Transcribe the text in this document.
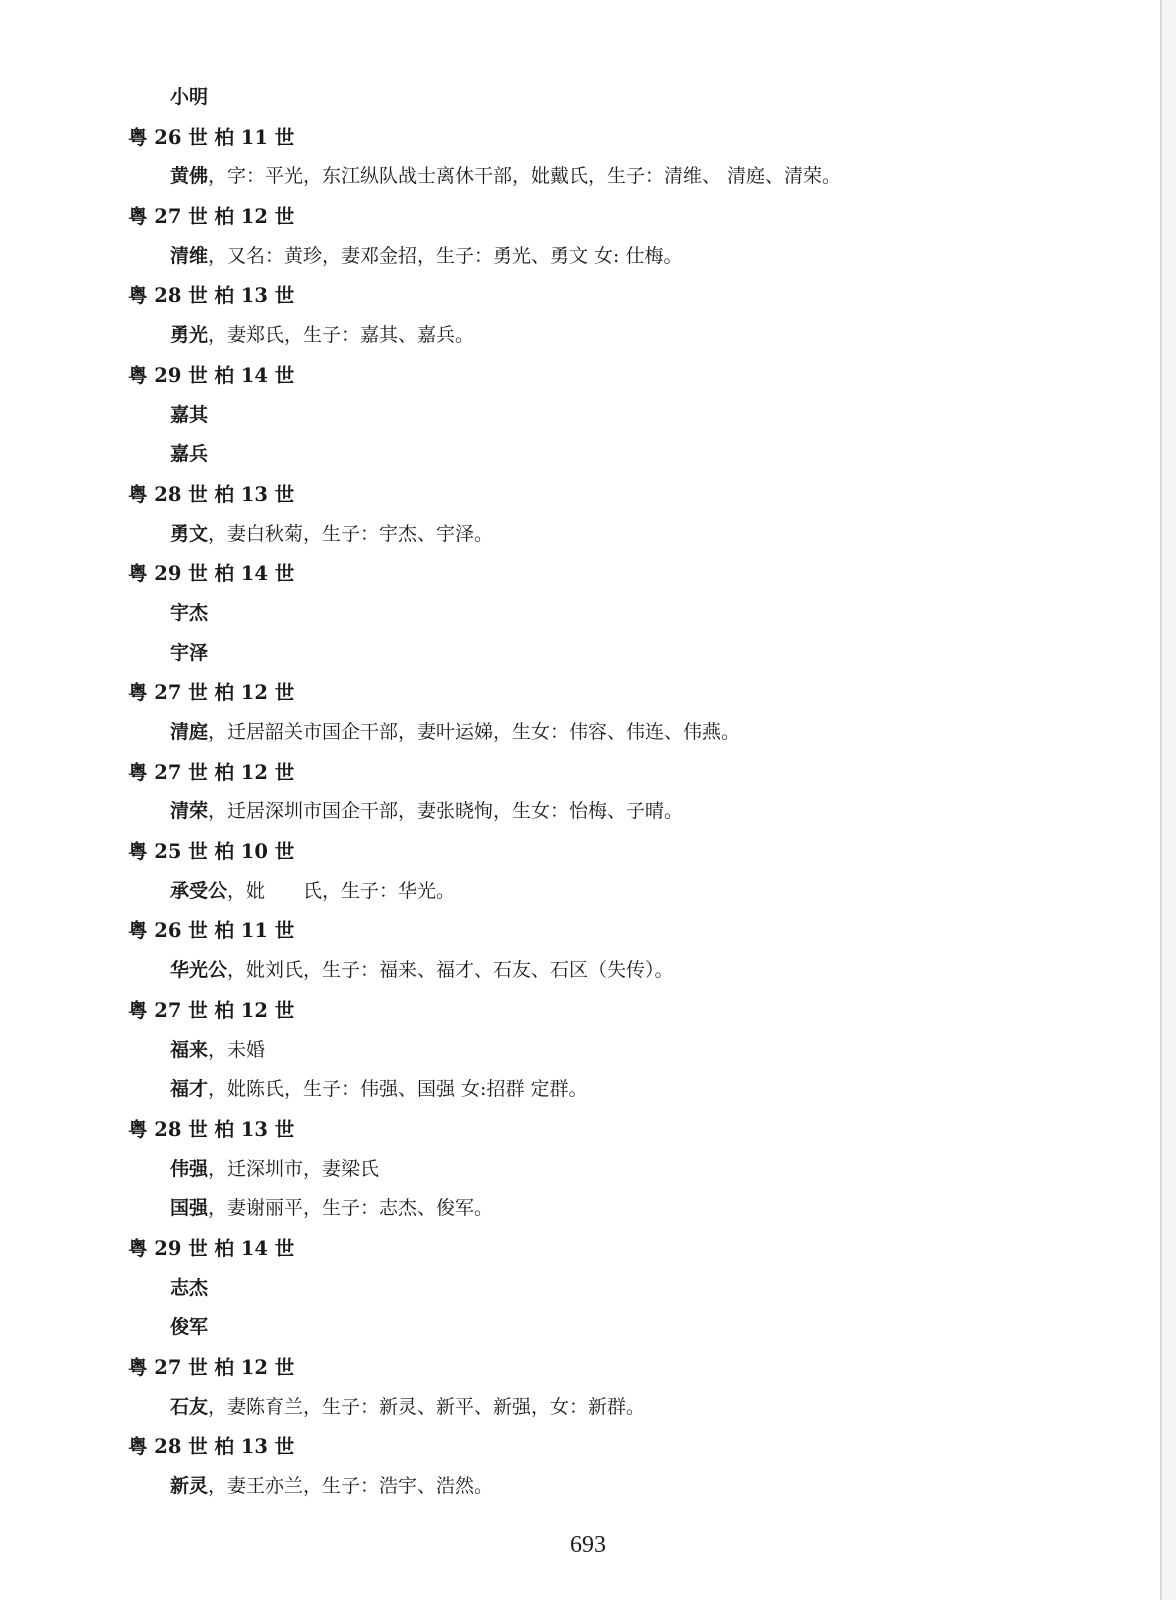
小明
粤 26 世 柏 11 世
黄佛，字：平光，东江纵队战士离休干部，妣戴氏，生子：清维、 清庭、清荣。
粤 27 世 柏 12 世
清维，又名：黄珍，妻邓金招，生子：勇光、勇文 女: 仕梅。
粤 28 世 柏 13 世
勇光，妻郑氏，生子：嘉其、嘉兵。
粤 29 世 柏 14 世
嘉其
嘉兵
粤 28 世 柏 13 世
勇文，妻白秋菊，生子：宇杰、宇泽。
粤 29 世 柏 14 世
宇杰
宇泽
粤 27 世 柏 12 世
清庭，迁居韶关市国企干部，妻叶运娣，生女：伟容、伟连、伟燕。
粤 27 世 柏 12 世
清荣，迁居深圳市国企干部，妻张晓恂，生女：怡梅、子晴。
粤 25 世 柏 10 世
承受公，妣　　氏，生子：华光。
粤 26 世 柏 11 世
华光公，妣刘氏，生子：福来、福才、石友、石区（失传）。
粤 27 世 柏 12 世
福来，未婚
福才，妣陈氏，生子：伟强、国强 女:招群 定群。
粤 28 世 柏 13 世
伟强，迁深圳市，妻梁氏
国强，妻谢丽平，生子：志杰、俊军。
粤 29 世 柏 14 世
志杰
俊军
粤 27 世 柏 12 世
石友，妻陈育兰，生子：新灵、新平、新强，女：新群。
粤 28 世 柏 13 世
新灵，妻王亦兰，生子：浩宇、浩然。
693
